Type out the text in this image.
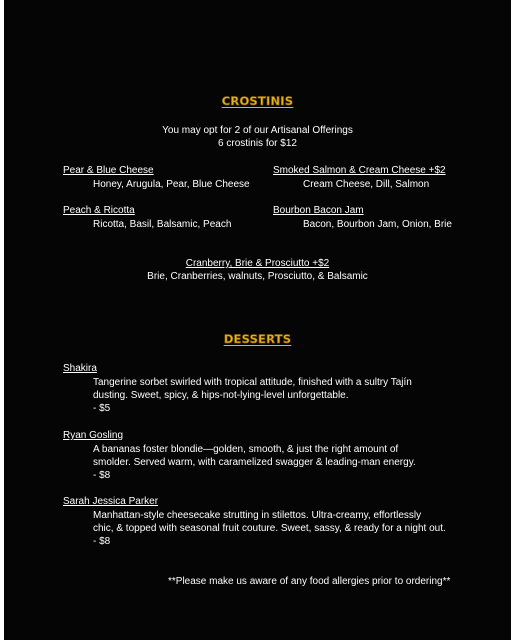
CROSTINIS
You may opt for 2 of our Artisanal Offerings
6 crostinis for $12
Pear & Blue Cheese
Honey, Arugula, Pear, Blue Cheese
Smoked Salmon & Cream Cheese +$2
Cream Cheese, Dill, Salmon
Peach & Ricotta
Ricotta, Basil, Balsamic, Peach
Bourbon Bacon Jam
Bacon, Bourbon Jam, Onion, Brie
Cranberry, Brie & Prosciutto +$2
Brie, Cranberries, walnuts, Prosciutto, & Balsamic
DESSERTS
Shakira
Tangerine sorbet swirled with tropical attitude, finished with a sultry Tajín
dusting. Sweet, spicy, & hips-not-lying-level unforgettable.
- $5
Ryan Gosling
A bananas foster blondie—golden, smooth, & just the right amount of
smolder. Served warm, with caramelized swagger & leading-man energy.
- $8
Sarah Jessica Parker
Manhattan-style cheesecake strutting in stilettos. Ultra-creamy, effortlessly
chic, & topped with seasonal fruit couture. Sweet, sassy, & ready for a night out.
- $8
**Please make us aware of any food allergies prior to ordering**
